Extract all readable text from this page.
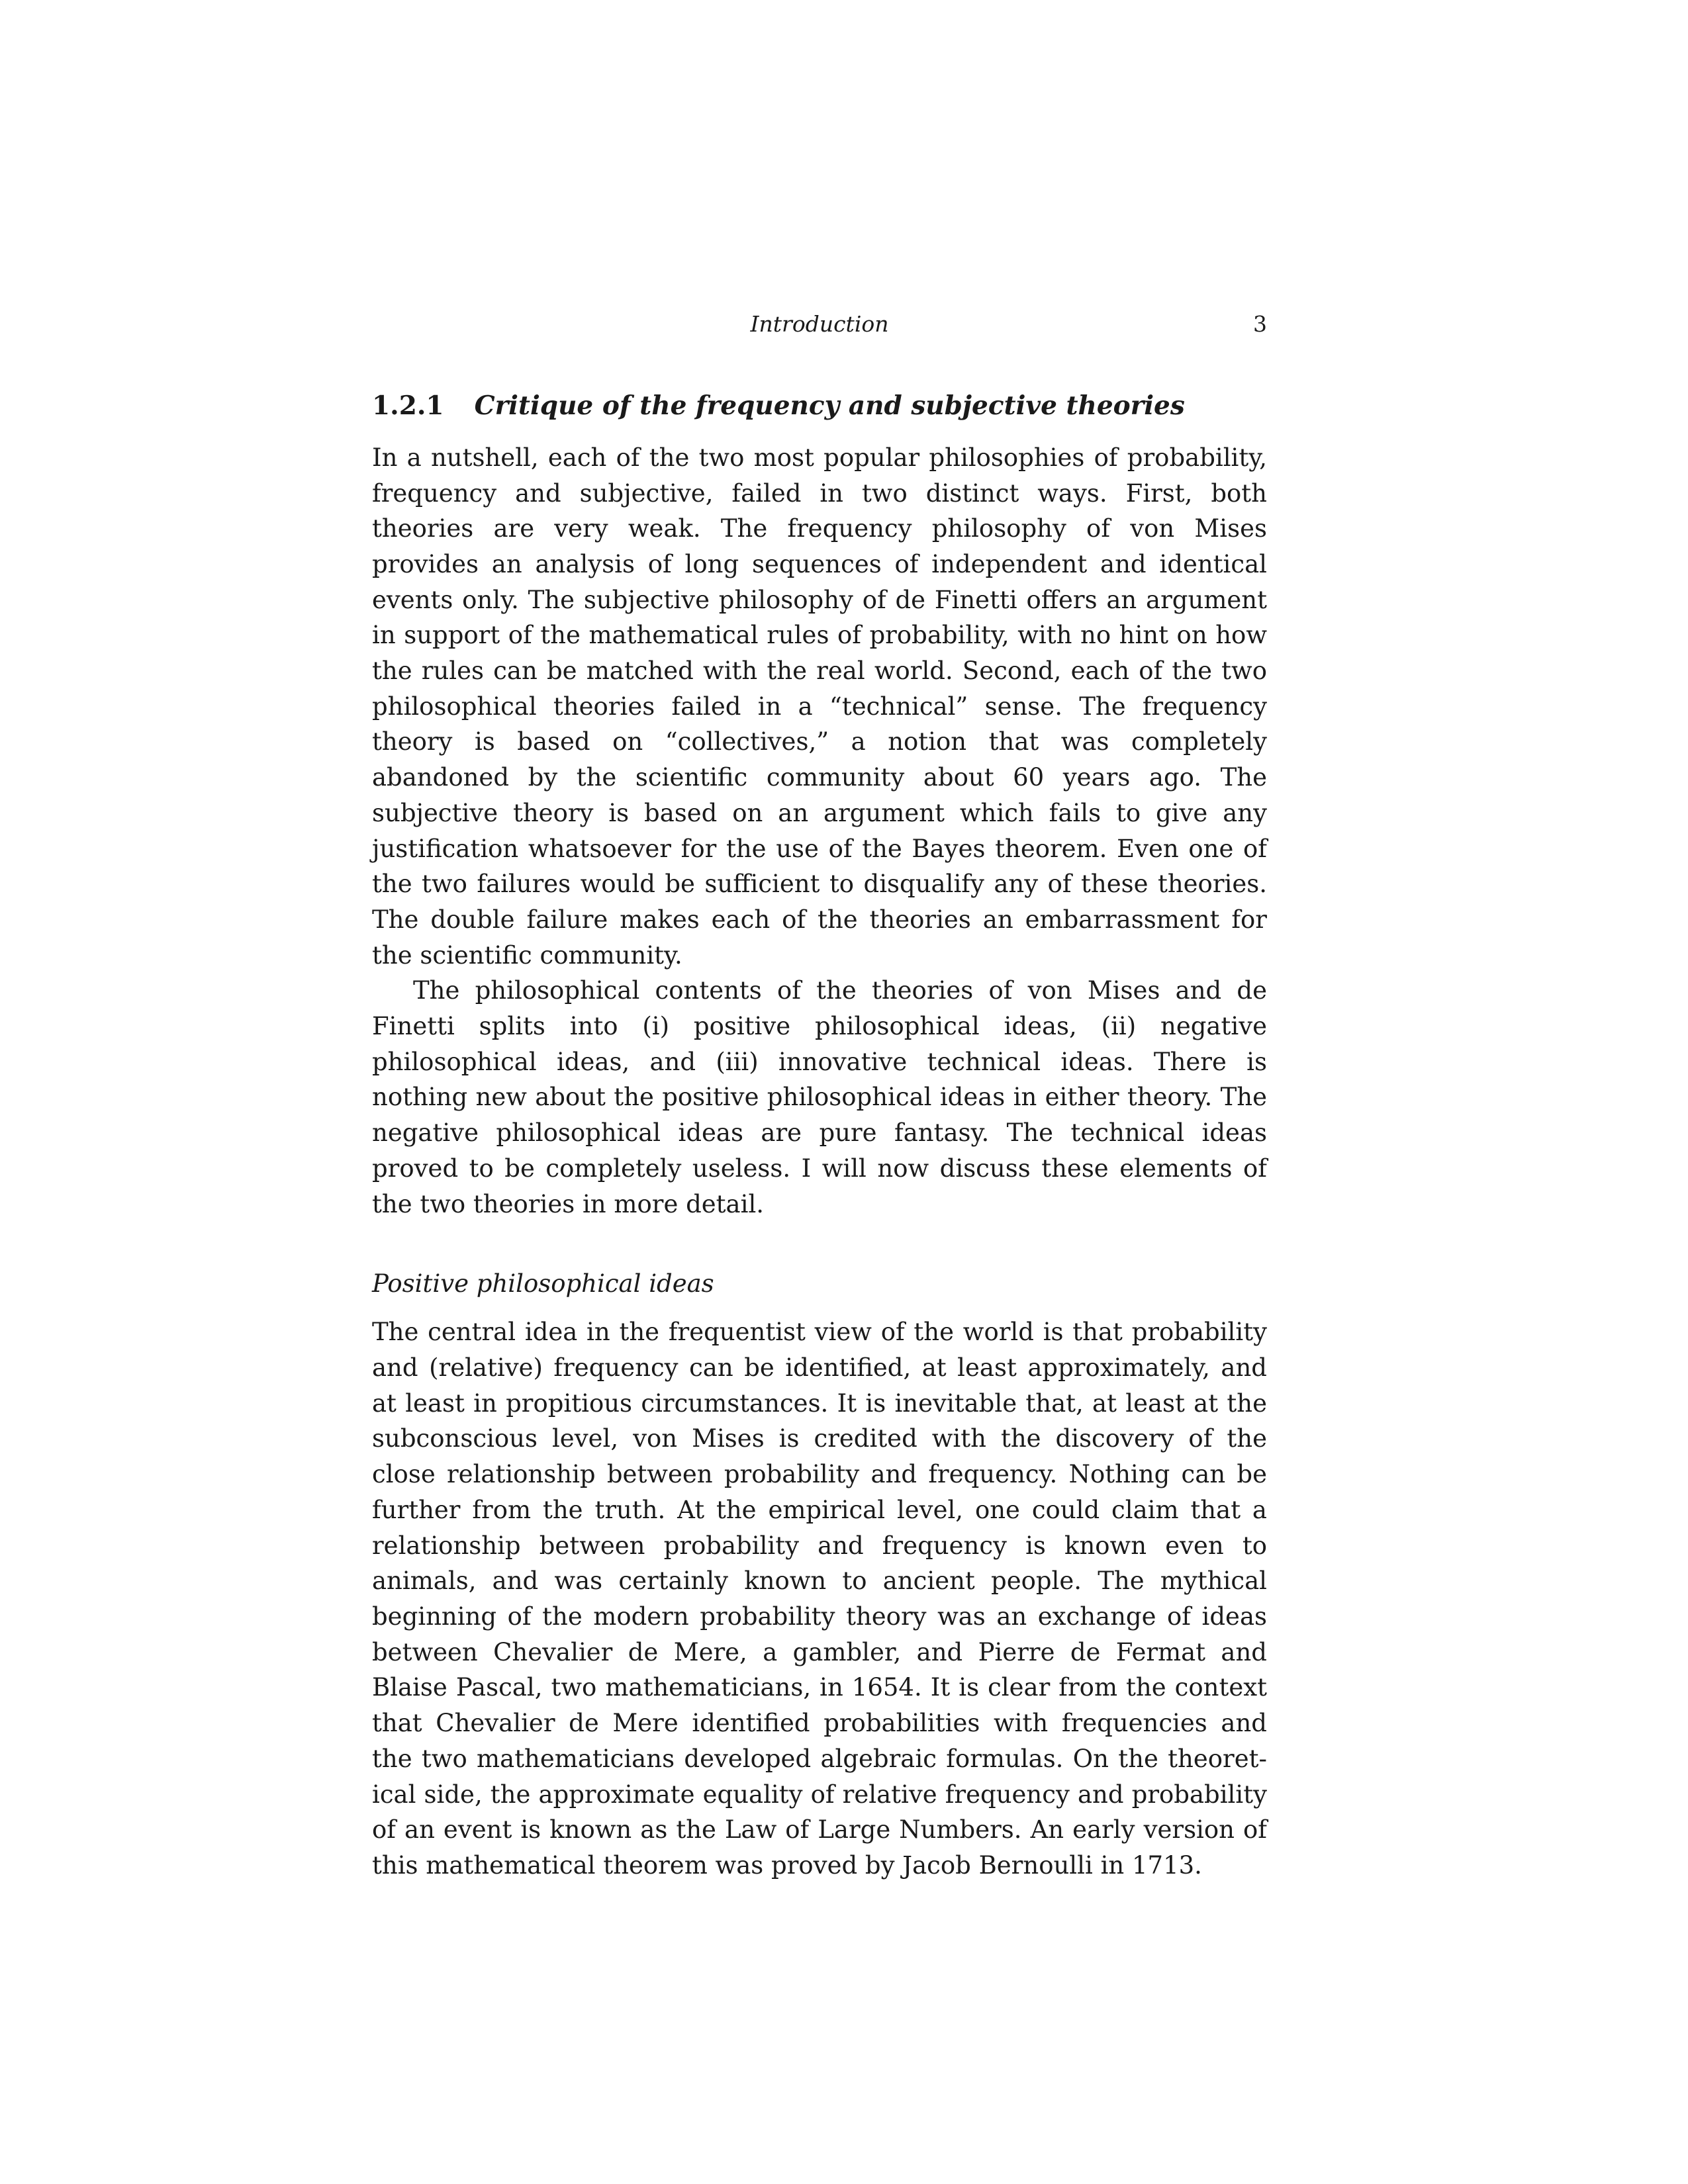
Introduction	3
1.2.1 Critique of the frequency and subjective theories

In a nutshell, each of the two most popular philosophies of probability, frequency and subjective, failed in two distinct ways. First, both theories are very weak. The frequency philosophy of von Mises provides an analysis of long sequences of independent and identical events only. The subjective philosophy of de Finetti offers an argument in support of the mathematical rules of probability, with no hint on how the rules can be matched with the real world. Second, each of the two philosophical theories failed in a “technical” sense. The frequency theory is based on “collectives,” a notion that was completely abandoned by the scientific community about 60 years ago. The subjective theory is based on an argument which fails to give any justification whatsoever for the use of the Bayes theorem. Even one of the two failures would be sufficient to disqualify any of these theories. The double failure makes each of the theories an embarrassment for the scientific community.

The philosophical contents of the theories of von Mises and de Finetti splits into (i) positive philosophical ideas, (ii) negative philosophical ideas, and (iii) innovative technical ideas. There is nothing new about the positive philosophical ideas in either theory. The negative philosophical ideas are pure fantasy. The technical ideas proved to be completely useless. I will now discuss these elements of the two theories in more detail.

Positive philosophical ideas

The central idea in the frequentist view of the world is that probability and (relative) frequency can be identified, at least approximately, and at least in propitious circumstances. It is inevitable that, at least at the subconscious level, von Mises is credited with the discovery of the close relationship between probability and frequency. Nothing can be further from the truth. At the empirical level, one could claim that a relationship between probability and frequency is known even to animals, and was certainly known to ancient people. The mythical beginning of the modern probability theory was an exchange of ideas between Chevalier de Mere, a gambler, and Pierre de Fermat and Blaise Pascal, two mathematicians, in 1654. It is clear from the context that Chevalier de Mere identified probabilities with frequencies and the two mathematicians developed algebraic formulas. On the theoretical side, the approximate equality of relative frequency and probability of an event is known as the Law of Large Numbers. An early version of this mathematical theorem was proved by Jacob Bernoulli in 1713.
